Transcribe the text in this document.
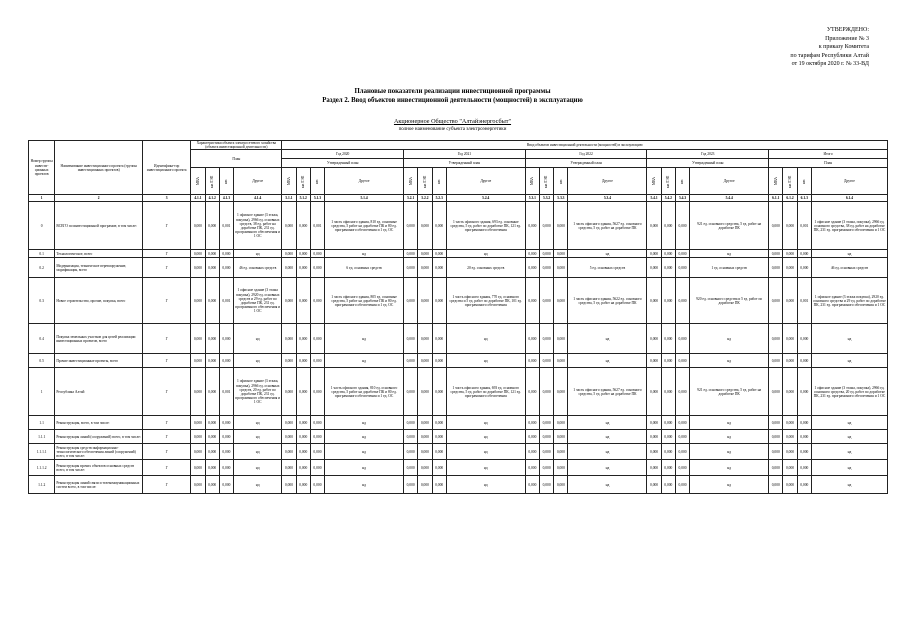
УТВЕРЖДЕНО:
Приложение № 3
к приказу Комитета
по тарифам Республики Алтай
от 19 октября 2020 г. № 33-ВД
Плановые показатели реализации инвестиционной программы
Раздел 2. Ввод объектов инвестиционной деятельности (мощностей) в эксплуатацию
Акционерное Общество "Алтайэнергосбыт"
полное наименование субъекта электроэнергетики
Номер группы инвести-ционных проектов	Наименование инвестиционного проекта (группы инвестиционных проектов)	Идентифика-тор инвестиционного проекта	Характеристики объекта электросетевого хозяйства (объекта инвестиционной деятельности)				Ввод объектов инвестиционной деятельности (мощностей) в эксплуатацию																			
			План				Год 2020				Год 2021				Год 2022				Год 2023				Итого			
							Утвержденный план				Утвержденный план				Утвержденный план				Утвержденный план				План			
			МВА	км ЛЭП	шт.	Другое	МВА	км ЛЭП	шт.	Другое	МВА	км ЛЭП	шт.	Другое	МВА	км ЛЭП	шт.	Другое	МВА	км ЛЭП	шт.	Другое	МВА	км ЛЭП	шт.	Другое
1	2	3	4.1.1	4.1.2	4.1.3	4.1.4	5.1.1	5.1.2	5.1.3	5.1.4	5.2.1	5.2.2	5.2.3	5.2.4	5.3.1	5.3.2	5.3.3	5.3.4	5.4.1	5.4.2	5.4.3	5.4.4	6.1.1	6.1.2	6.1.3	6.1.4
0	ВСЕГО по инвестиционной программе, в том числе:	Г	0,000	0,000	0,001	1 офисное здание (3 этажа, покупка), 2966 ед. основных средств, 38 ед. работ на доработке ПК, 231 ед. программного обеспечения и 1 ОС	0,000	0,000	0,001	1 часть офисного здания, 810 ед. основные средства, 5 работ на доработке ПК и 80 ед. программного обеспечения и 1 ед. ОС	0,000	0,000	0,000	1 часть офисного здания, 693 ед. основные средства, 5 ед. работ по доработке ПК, 121 ед. программного обеспечения	0,000	0,000	0,000	1 часть офисного здания, 5627 ед. основного средства, 5 ед. работ на доработке ПК	0,000	0,000	0,000	921 ед. основного средства, 5 ед. работ на доработке ПК	0,000	0,000	0,001	1 офисное здание (3 этажа, покупка), 2966 ед. основного средства, 38 ед. работ на доработке ПК, 231 ед. программного обеспечения и 1 ОС
0.1	Технологическое, всего	Г	0,000	0,000	0,000	нд	0,000	0,000	0,000	нд	0,000	0,000	0,000	нд	0,000	0,000	0,000	нд	0,000	0,000	0,000	нд	0,000	0,000	0,000	нд
0.2	Модернизация, техническое перевооружение, модификация, всего	Г	0,000	0,000	0,000	46 ед. основных средств	0,000	0,000	0,000	6 ед. основных средств	0,000	0,000	0,000	20 ед. основных средств	0,000	0,000	0,000	5 ед. основных средств	0,000	0,000	0,000	1 ед. основных средств	0,000	0,000	0,000	46 ед. основных средств
0.3	Новое строительство, прочие, покупка, всего	Г	0,000	0,000	0,001	1 офисное здание (3 этажа покупка), 2920 ед. основных средств и 29 ед. работ по доработке ПК, 231 ед. программного обеспечения и 1 ОС	0,000	0,000	0,000	1 часть офисного здания, 805 ед. основные средства, 5 работ на доработке ПК и 80 ед. программного обеспечения и 1 ед. ОС	0,000	0,000	0,000	1 часть офисного здания, 770 ед. основного средства и 5 ед. работ по доработке ПК, 101 ед. программного обеспечения	0,000	0,000	0,000	1 часть офисного здания, 5622 ед. основного средства, 5 ед. работ на доработке ПК	0,000	0,000	0,000	920 ед. основного средства и 5 ед. работ по доработке ПК	0,000	0,000	0,001	1 офисное здание (3 этажа покупка), 2920 ед. основного средства и 29 ед. работ по доработке ПК, 231 ед. программного обеспечения и 1 ОС
0.4	Покупка земельных участков для целей реализации инвестиционных проектов, всего	Г	0,000	0,000	0,000	нд	0,000	0,000	0,000	нд	0,000	0,000	0,000	нд	0,000	0,000	0,000	нд	0,000	0,000	0,000	нд	0,000	0,000	0,000	нд
0.5	Прочие инвестиционные проекты, всего	Г	0,000	0,000	0,000	нд	0,000	0,000	0,000	нд	0,000	0,000	0,000	нд	0,000	0,000	0,000	нд	0,000	0,000	0,000	нд	0,000	0,000	0,000	нд
1	Республика Алтай	Г	0,000	0,000	0,001	1 офисное здание (3 этажа, покупка), 2966 ед. основных средств, 20 ед. работ по доработке ПК, 231 ед. программного обеспечения и 1 ОС	0,000	0,000	0,000	1 часть офисного здания, 810 ед. основного средства, 5 работ на доработке ПК и 80 ед. программного обеспечения и 1 ед. ОС	0,000	0,000	0,000	1 часть офисного здания, 693 ед. основного средства, 5 ед. работ по доработке ПК, 121 ед. программного обеспечения	0,000	0,000	0,000	1 часть офисного здания, 5627 ед. основного средства, 5 ед. работ на доработке ПК	0,000	0,000	0,000	921 ед. основного средства, 5 ед. работ на доработке ПК	0,000	0,000	0,000	1 офисное здание (3 этажа, покупка), 2966 ед. основного средства, 20 ед. работ по доработке ПК, 231 ед. программного обеспечения и 1 ОС
1.1	Реконструкция, всего, в том числе:	Г	0,000	0,000	0,000	нд	0,000	0,000	0,000	нд	0,000	0,000	0,000	нд	0,000	0,000	0,000	нд	0,000	0,000	0,000	нд	0,000	0,000	0,000	нд
1.1.1	Реконструкция линий (сооружений) всего, в том числе:	Г	0,000	0,000	0,000	нд	0,000	0,000	0,000	нд	0,000	0,000	0,000	нд	0,000	0,000	0,000	нд	0,000	0,000	0,000	нд	0,000	0,000	0,000	нд
1.1.1.1	Реконструкция средств информационно-технологического обеспечения линий (сооружений) всего, в том числе:	Г	0,000	0,000	0,000	нд	0,000	0,000	0,000	нд	0,000	0,000	0,000	нд	0,000	0,000	0,000	нд	0,000	0,000	0,000	нд	0,000	0,000	0,000	нд
1.1.1.2	Реконструкция прочих объектов основных средств всего, в том числе:	Г	0,000	0,000	0,000	нд	0,000	0,000	0,000	нд	0,000	0,000	0,000	нд	0,000	0,000	0,000	нд	0,000	0,000	0,000	нд	0,000	0,000	0,000	нд
1.1.2	Реконструкция линий связи и телекоммуникационных систем всего, в том числе:	Г	0,000	0,000	0,000	нд	0,000	0,000	0,000	нд	0,000	0,000	0,000	нд	0,000	0,000	0,000	нд	0,000	0,000	0,000	нд	0,000	0,000	0,000	нд
